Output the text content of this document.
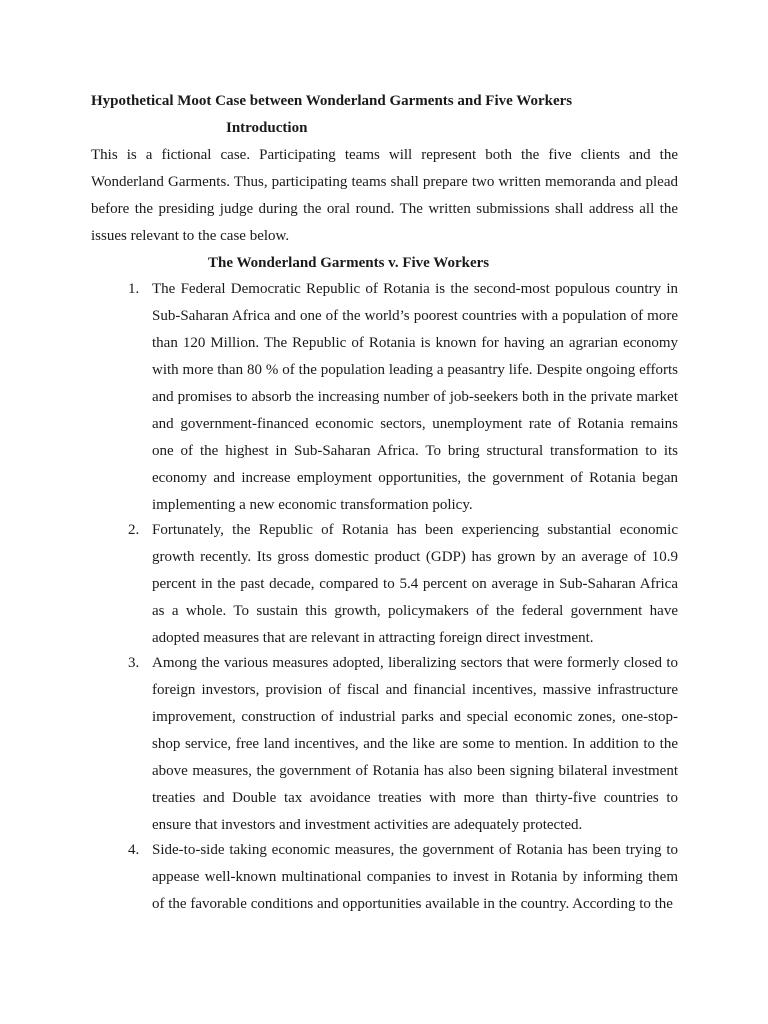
Hypothetical Moot Case between Wonderland Garments and Five Workers
Introduction

This is a fictional case. Participating teams will represent both the five clients and the Wonderland Garments. Thus, participating teams shall prepare two written memoranda and plead before the presiding judge during the oral round. The written submissions shall address all the issues relevant to the case below.

The Wonderland Garments v. Five Workers
1. The Federal Democratic Republic of Rotania is the second-most populous country in Sub-Saharan Africa and one of the world’s poorest countries with a population of more than 120 Million. The Republic of Rotania is known for having an agrarian economy with more than 80 % of the population leading a peasantry life. Despite ongoing efforts and promises to absorb the increasing number of job-seekers both in the private market and government-financed economic sectors, unemployment rate of Rotania remains one of the highest in Sub-Saharan Africa. To bring structural transformation to its economy and increase employment opportunities, the government of Rotania began implementing a new economic transformation policy.
2. Fortunately, the Republic of Rotania has been experiencing substantial economic growth recently. Its gross domestic product (GDP) has grown by an average of 10.9 percent in the past decade, compared to 5.4 percent on average in Sub-Saharan Africa as a whole. To sustain this growth, policymakers of the federal government have adopted measures that are relevant in attracting foreign direct investment.
3. Among the various measures adopted, liberalizing sectors that were formerly closed to foreign investors, provision of fiscal and financial incentives, massive infrastructure improvement, construction of industrial parks and special economic zones, one-stop-shop service, free land incentives, and the like are some to mention. In addition to the above measures, the government of Rotania has also been signing bilateral investment treaties and Double tax avoidance treaties with more than thirty-five countries to ensure that investors and investment activities are adequately protected.
4. Side-to-side taking economic measures, the government of Rotania has been trying to appease well-known multinational companies to invest in Rotania by informing them of the favorable conditions and opportunities available in the country. According to the
